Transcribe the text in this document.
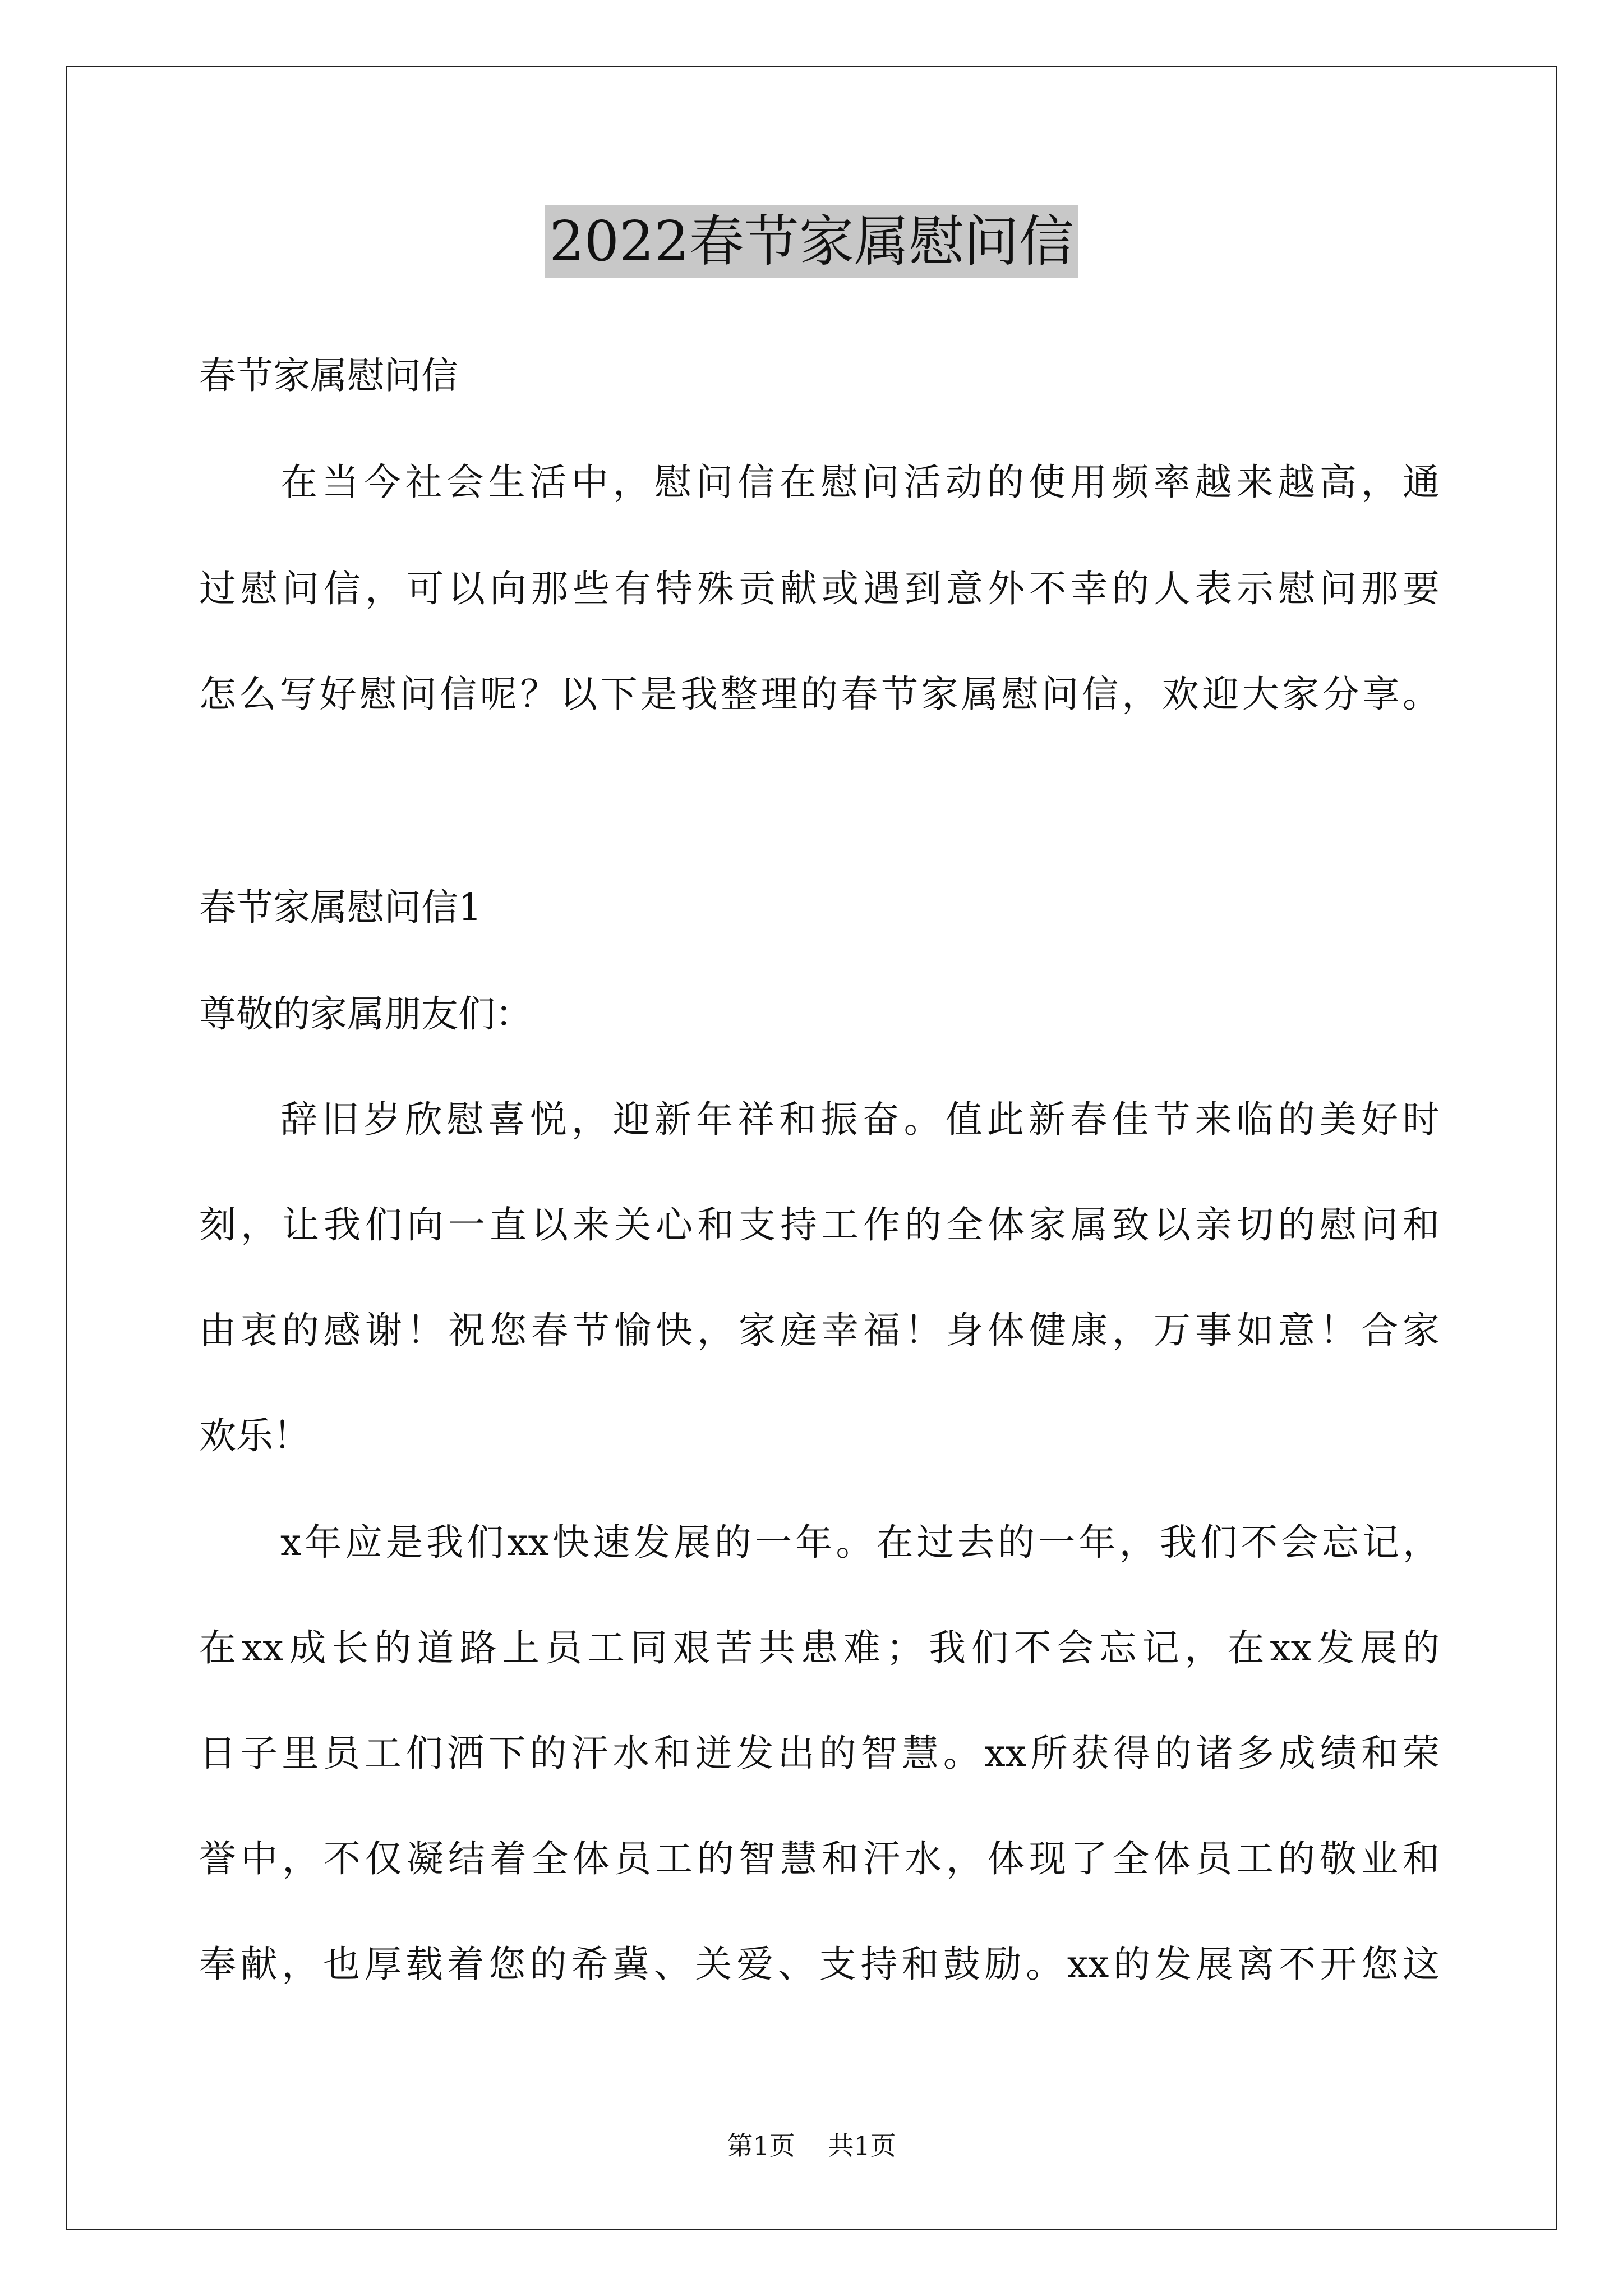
2022春节家属慰问信
春节家属慰问信
在当今社会生活中，慰问信在慰问活动的使用频率越来越高，通
过慰问信，可以向那些有特殊贡献或遇到意外不幸的人表示慰问那要
怎么写好慰问信呢？以下是我整理的春节家属慰问信，欢迎大家分享。
春节家属慰问信1
尊敬的家属朋友们：
辞旧岁欣慰喜悦，迎新年祥和振奋。值此新春佳节来临的美好时
刻，让我们向一直以来关心和支持工作的全体家属致以亲切的慰问和
由衷的感谢！祝您春节愉快，家庭幸福！身体健康，万事如意！合家
欢乐！
x年应是我们xx快速发展的一年。在过去的一年，我们不会忘记，
在xx成长的道路上员工同艰苦共患难；我们不会忘记，在xx发展的
日子里员工们洒下的汗水和迸发出的智慧。xx所获得的诸多成绩和荣
誉中，不仅凝结着全体员工的智慧和汗水，体现了全体员工的敬业和
奉献，也厚载着您的希冀、关爱、支持和鼓励。xx的发展离不开您这
第1页 共1页
